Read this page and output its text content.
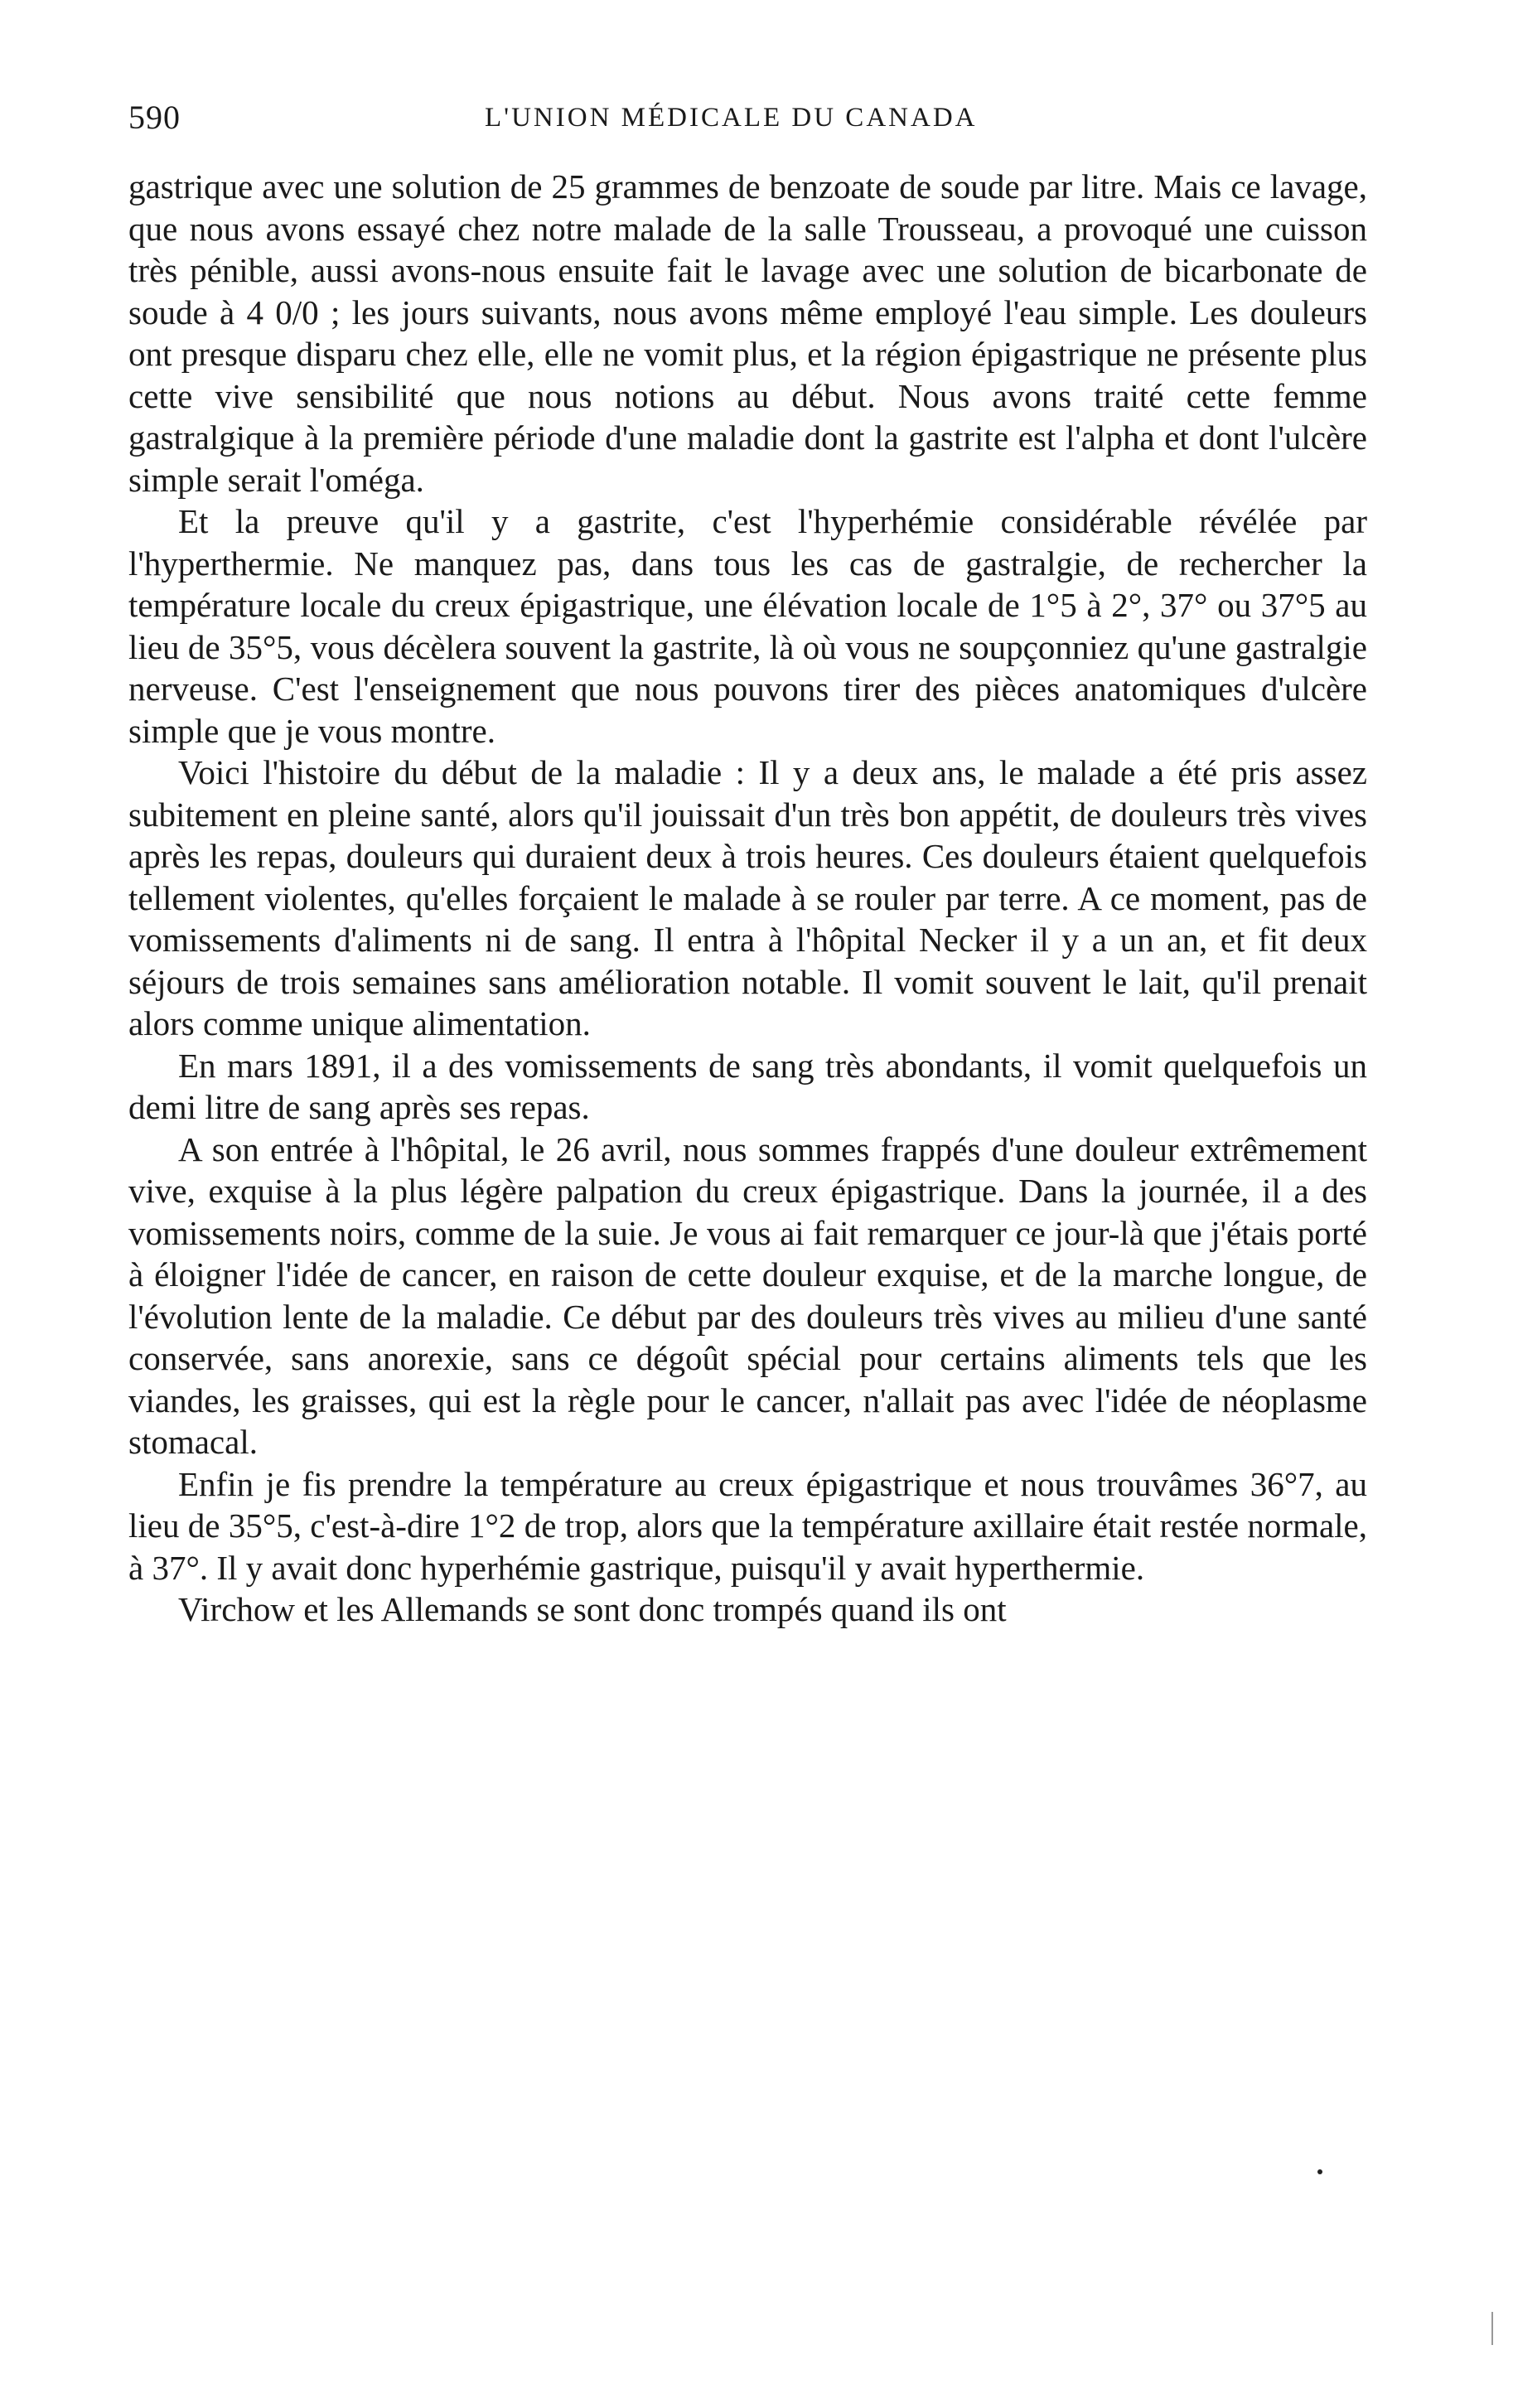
590	L'UNION MÉDICALE DU CANADA

gastrique avec une solution de 25 grammes de benzoate de soude par litre. Mais ce lavage, que nous avons essayé chez notre malade de la salle Trousseau, a provoqué une cuisson très pénible, aussi avons-nous ensuite fait le lavage avec une solution de bicarbonate de soude à 4 0/0 ; les jours suivants, nous avons même employé l'eau simple. Les douleurs ont presque disparu chez elle, elle ne vomit plus, et la région épigastrique ne présente plus cette vive sensibilité que nous notions au début. Nous avons traité cette femme gastralgique à la première période d'une maladie dont la gastrite est l'alpha et dont l'ulcère simple serait l'oméga.

Et la preuve qu'il y a gastrite, c'est l'hyperhémie considérable révélée par l'hyperthermie. Ne manquez pas, dans tous les cas de gastralgie, de rechercher la température locale du creux épigastrique, une élévation locale de 1°5 à 2°, 37° ou 37°5 au lieu de 35°5, vous décèlera souvent la gastrite, là où vous ne soupçonniez qu'une gastralgie nerveuse. C'est l'enseignement que nous pouvons tirer des pièces anatomiques d'ulcère simple que je vous montre.

Voici l'histoire du début de la maladie : Il y a deux ans, le malade a été pris assez subitement en pleine santé, alors qu'il jouissait d'un très bon appétit, de douleurs très vives après les repas, douleurs qui duraient deux à trois heures. Ces douleurs étaient quelquefois tellement violentes, qu'elles forçaient le malade à se rouler par terre. A ce moment, pas de vomissements d'aliments ni de sang. Il entra à l'hôpital Necker il y a un an, et fit deux séjours de trois semaines sans amélioration notable. Il vomit souvent le lait, qu'il prenait alors comme unique alimentation.

En mars 1891, il a des vomissements de sang très abondants, il vomit quelquefois un demi litre de sang après ses repas.

A son entrée à l'hôpital, le 26 avril, nous sommes frappés d'une douleur extrêmement vive, exquise à la plus légère palpation du creux épigastrique. Dans la journée, il a des vomissements noirs, comme de la suie. Je vous ai fait remarquer ce jour-là que j'étais porté à éloigner l'idée de cancer, en raison de cette douleur exquise, et de la marche longue, de l'évolution lente de la maladie. Ce début par des douleurs très vives au milieu d'une santé conservée, sans anorexie, sans ce dégoût spécial pour certains aliments tels que les viandes, les graisses, qui est la règle pour le cancer, n'allait pas avec l'idée de néoplasme stomacal.

Enfin je fis prendre la température au creux épigastrique et nous trouvâmes 36°7, au lieu de 35°5, c'est-à-dire 1°2 de trop, alors que la température axillaire était restée normale, à 37°. Il y avait donc hyperhémie gastrique, puisqu'il y avait hyperthermie.

Virchow et les Allemands se sont donc trompés quand ils ont
